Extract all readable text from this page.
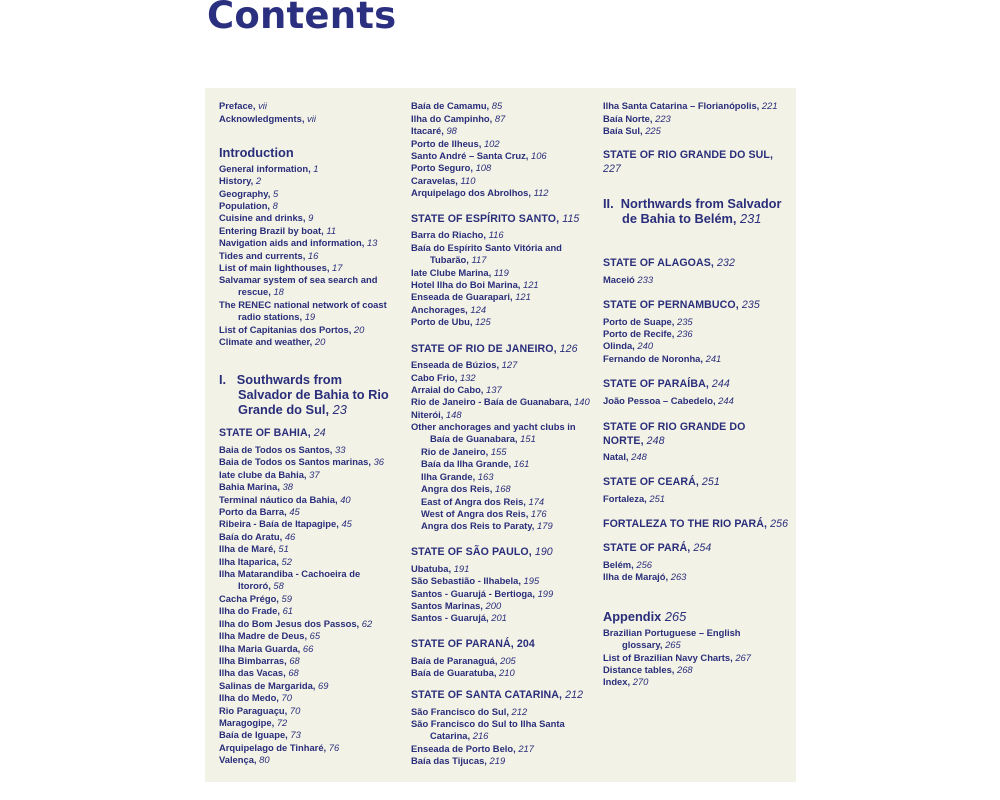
Contents
Preface, vii
Acknowledgments, vii
Introduction
General information, 1
History, 2
Geography, 5
Population, 8
Cuisine and drinks, 9
Entering Brazil by boat, 11
Navigation aids and information, 13
Tides and currents, 16
List of main lighthouses, 17
Salvamar system of sea search and rescue, 18
The RENEC national network of coast radio stations, 19
List of Capitanias dos Portos, 20
Climate and weather, 20
I.   Southwards from Salvador de Bahia to Rio Grande do Sul, 23
STATE OF BAHIA, 24
Baia de Todos os Santos, 33
Baia de Todos os Santos marinas, 36
Iate clube da Bahia, 37
Bahia Marina, 38
Terminal náutico da Bahia, 40
Porto da Barra, 45
Ribeira - Baía de Itapagipe, 45
Baía do Aratu, 46
Ilha de Maré, 51
Ilha Itaparica, 52
Ilha Matarandiba - Cachoeira de Itororó, 58
Cacha Prégo, 59
Ilha do Frade, 61
Ilha do Bom Jesus dos Passos, 62
Ilha Madre de Deus, 65
Ilha Maria Guarda, 66
Ilha Bimbarras, 68
Ilha das Vacas, 68
Salinas de Margarida, 69
Ilha do Medo, 70
Rio Paraguaçu, 70
Maragogipe, 72
Baía de Iguape, 73
Arquipelago de Tinharé, 76
Valença, 80
Baía de Camamu, 85
Ilha do Campinho, 87
Itacaré, 98
Porto de Ilheus, 102
Santo André – Santa Cruz, 106
Porto Seguro, 108
Caravelas, 110
Arquipelago dos Abrolhos, 112
STATE OF ESPÍRITO SANTO, 115
Barra do Riacho, 116
Baía do Espírito Santo Vitória and Tubarão, 117
Iate Clube Marina, 119
Hotel Ilha do Boi Marina, 121
Enseada de Guarapari, 121
Anchorages, 124
Porto de Ubu, 125
STATE OF RIO DE JANEIRO, 126
Enseada de Búzios, 127
Cabo Frio, 132
Arraial do Cabo, 137
Rio de Janeiro - Baía de Guanabara, 140
Niterói, 148
Other anchorages and yacht clubs in Baía de Guanabara, 151
Rio de Janeiro, 155
Baía da Ilha Grande, 161
Ilha Grande, 163
Angra dos Reis, 168
East of Angra dos Reis, 174
West of Angra dos Reis, 176
Angra dos Reis to Paraty, 179
STATE OF SÃO PAULO, 190
Ubatuba, 191
São Sebastião - Ilhabela, 195
Santos - Guarujá - Bertioga, 199
Santos Marinas, 200
Santos - Guarujá, 201
STATE OF PARANÁ, 204
Baía de Paranaguá, 205
Baía de Guaratuba, 210
STATE OF SANTA CATARINA, 212
São Francisco do Sul, 212
São Francisco do Sul to Ilha Santa Catarina, 216
Enseada de Porto Belo, 217
Baía das Tijucas, 219
Ilha Santa Catarina – Florianópolis, 221
Baía Norte, 223
Baía Sul, 225
STATE OF RIO GRANDE DO SUL, 227
II.  Northwards from Salvador de Bahia to Belém, 231
STATE OF ALAGOAS, 232
Maceió 233
STATE OF PERNAMBUCO, 235
Porto de Suape, 235
Porto de Recife, 236
Olinda, 240
Fernando de Noronha, 241
STATE OF PARAÍBA, 244
João Pessoa – Cabedelo, 244
STATE OF RIO GRANDE DO NORTE, 248
Natal, 248
STATE OF CEARÁ, 251
Fortaleza, 251
FORTALEZA TO THE RIO PARÁ, 256
STATE OF PARÁ, 254
Belém, 256
Ilha de Marajó, 263
Appendix 265
Brazilian Portuguese – English glossary, 265
List of Brazilian Navy Charts, 267
Distance tables, 268
Index, 270
